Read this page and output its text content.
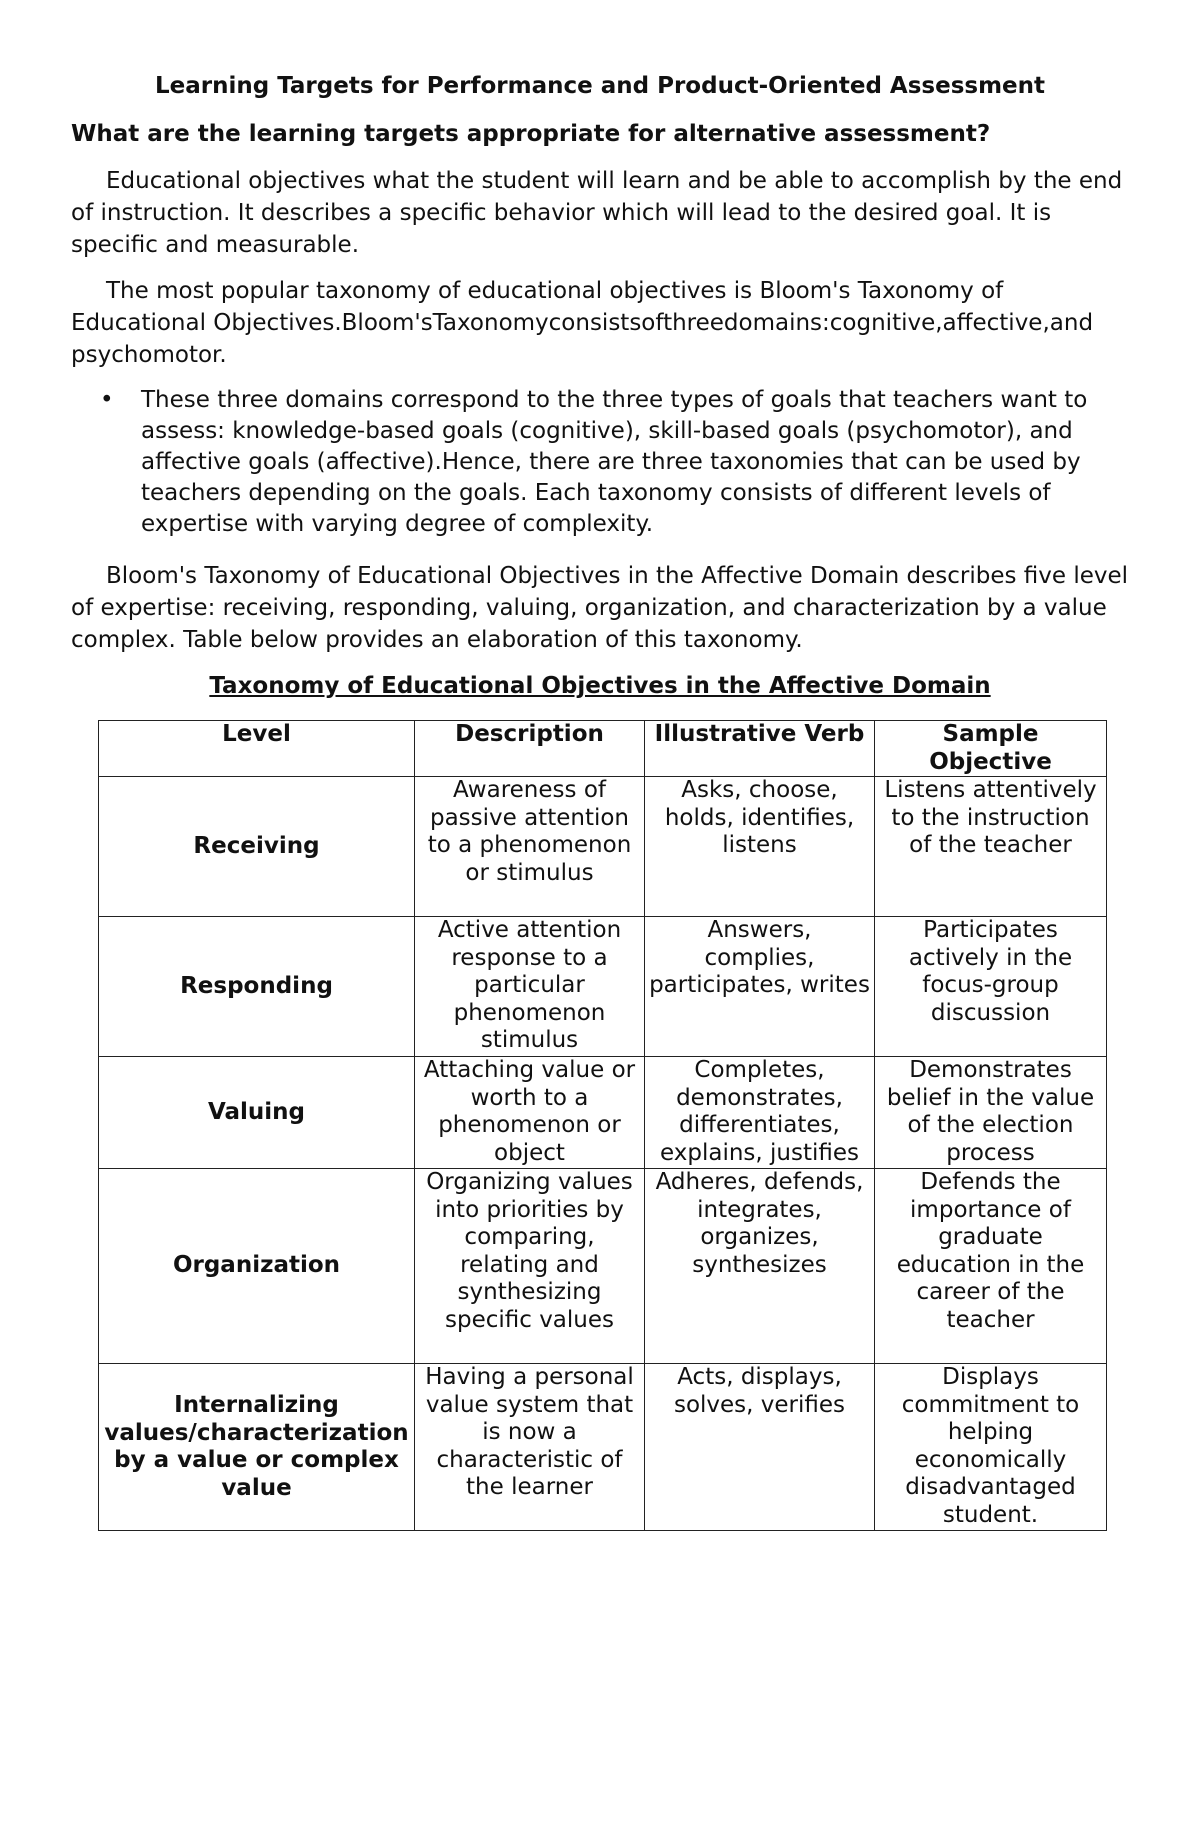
Learning Targets for Performance and Product-Oriented Assessment
What are the learning targets appropriate for alternative assessment?

Educational objectives what the student will learn and be able to accomplish by the end of instruction. It describes a specific behavior which will lead to the desired goal. It is specific and measurable.

The most popular taxonomy of educational objectives is Bloom's Taxonomy of Educational Objectives.Bloom'sTaxonomyconsistsofthreedomains:cognitive,affective,and psychomotor.

• These three domains correspond to the three types of goals that teachers want to assess: knowledge-based goals (cognitive), skill-based goals (psychomotor), and affective goals (affective).Hence, there are three taxonomies that can be used by teachers depending on the goals. Each taxonomy consists of different levels of expertise with varying degree of complexity.

Bloom's Taxonomy of Educational Objectives in the Affective Domain describes five level of expertise: receiving, responding, valuing, organization, and characterization by a value complex. Table below provides an elaboration of this taxonomy.

Taxonomy of Educational Objectives in the Affective Domain
Level	Description	Illustrative Verb	Sample Objective
Receiving	Awareness of passive attention to a phenomenon or stimulus	Asks, choose, holds, identifies, listens	Listens attentively to the instruction of the teacher
Responding	Active attention response to a particular phenomenon stimulus	Answers, complies, participates, writes	Participates actively in the focus-group discussion
Valuing	Attaching value or worth to a phenomenon or object	Completes, demonstrates, differentiates, explains, justifies	Demonstrates belief in the value of the election process
Organization	Organizing values into priorities by comparing, relating and synthesizing specific values	Adheres, defends, integrates, organizes, synthesizes	Defends the importance of graduate education in the career of the teacher
Internalizing values/characterization by a value or complex value	Having a personal value system that is now a characteristic of the learner	Acts, displays, solves, verifies	Displays commitment to helping economically disadvantaged student.
